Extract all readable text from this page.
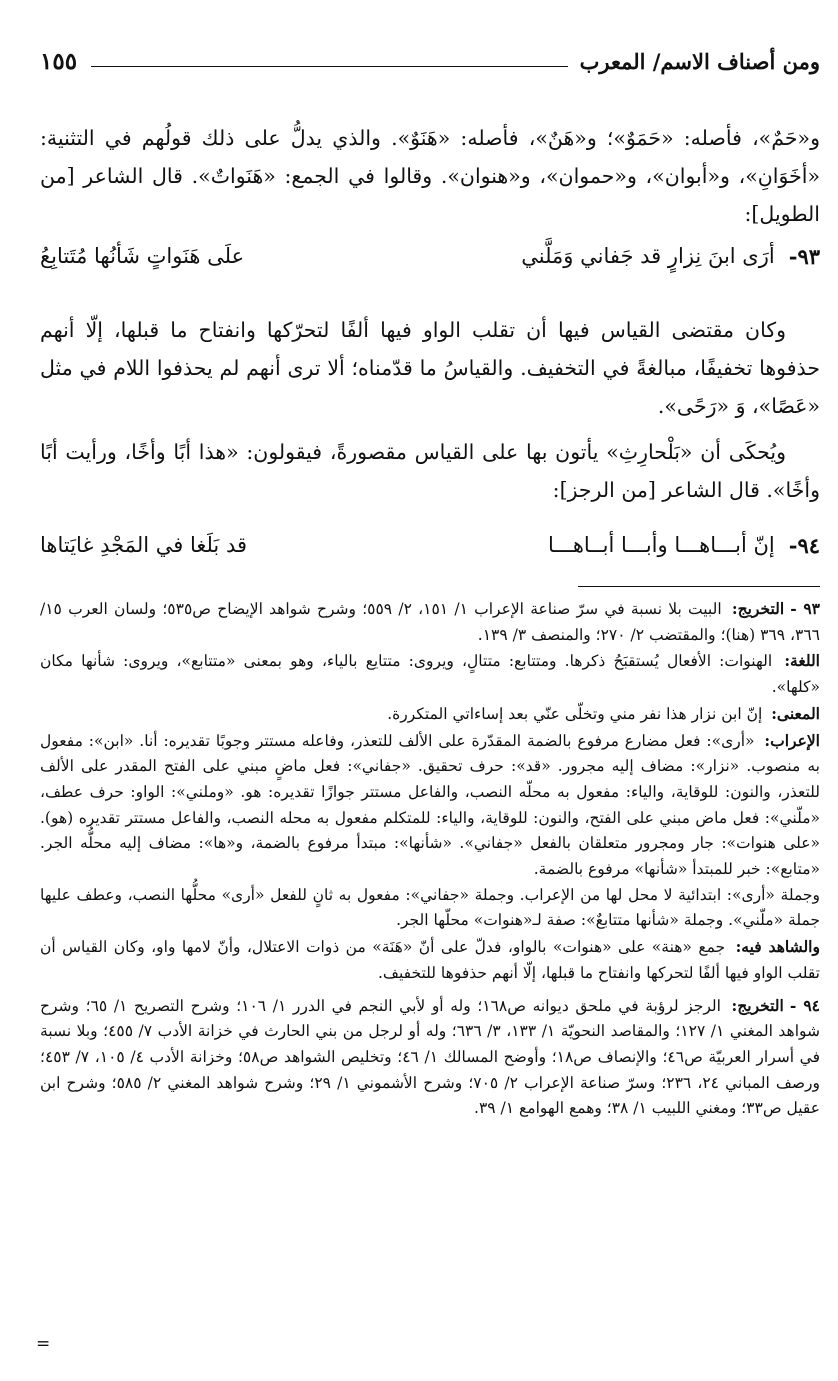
ومن أصناف الاسم/ المعرب
١٥٥

و«حَمٌ»، فأصله: «حَمَوٌ»؛ و«هَنٌ»، فأصله: «هَنَوٌ». والذي يدلُّ على ذلك قولُهم في التثنية: «أخَوَانِ»، و«أبوان»، و«حموان»، و«هنوان». وقالوا في الجمع: «هَنَواتٌ». قال الشاعر [من الطويل]:

٩٣-
أرَى ابنَ نِزارٍ قد جَفاني وَمَلَّني
علَى هَنَواتٍ شَأنُها مُتَتابِعُ

وكان مقتضى القياس فيها أن تقلب الواو فيها ألفًا لتحرّكها وانفتاح ما قبلها، إلّا أنهم حذفوها تخفيفًا، مبالغةً في التخفيف. والقياسُ ما قدّمناه؛ ألا ترى أنهم لم يحذفوا اللام في مثل «عَصًا»، وَ «رَحًى».

ويُحكَى أن «بَلْحارِثِ» يأتون بها على القياس مقصورةً، فيقولون: «هذا أبًا وأخًا، ورأيت أبًا وأخًا». قال الشاعر [من الرجز]:

٩٤-
إنّ أبـــاهـــا وأبـــا أبــاهـــا
قد بَلَغا في المَجْدِ غايَتاها

٩٣ -التخريج: البيت بلا نسبة في سرّ صناعة الإعراب ١/ ١٥١، ٢/ ٥٥٩؛ وشرح شواهد الإيضاح ص٥٣٥؛ ولسان العرب ١٥/ ٣٦٦، ٣٦٩ (هنا)؛ والمقتضب ٢/ ٢٧٠؛ والمنصف ٣/ ١٣٩.

اللغة: الهنوات: الأفعال يُستقبَحُ ذكرها. ومتتابع: متتالٍ، ويروى: متتايع بالياء، وهو بمعنى «متتابع»، ويروى: شأنها مكان «كلها».

المعنى: إنّ ابن نزار هذا نفر مني وتخلّى عنّي بعد إساءاتي المتكررة.

الإعراب: «أرى»: فعل مضارع مرفوع بالضمة المقدّرة على الألف للتعذر، وفاعله مستتر وجوبًا تقديره: أنا. «ابن»: مفعول به منصوب. «نزار»: مضاف إليه مجرور. «قد»: حرف تحقيق. «جفاني»: فعل ماضٍ مبني على الفتح المقدر على الألف للتعذر، والنون: للوقاية، والياء: مفعول به محلّه النصب، والفاعل مستتر جوازًا تقديره: هو. «وملني»: الواو: حرف عطف، «ملّني»: فعل ماض مبني على الفتح، والنون: للوقاية، والياء: للمتكلم مفعول به محله النصب، والفاعل مستتر تقديره (هو). «على هنوات»: جار ومجرور متعلقان بالفعل «جفاني». «شأنها»: مبتدأ مرفوع بالضمة، و«ها»: مضاف إليه محلُّه الجر. «متابع»: خبر للمبتدأ «شأنها» مرفوع بالضمة.

وجملة «أرى»: ابتدائية لا محل لها من الإعراب. وجملة «جفاني»: مفعول به ثانٍ للفعل «أرى» محلُّها النصب، وعطف عليها جملة «ملّني». وجملة «شأنها متتابعٌ»: صفة لـ«هنوات» محلّها الجر.

والشاهد فيه: جمع «هنة» على «هنوات» بالواو، فدلّ على أنّ «هَنَة» من ذوات الاعتلال، وأنّ لامها واو، وكان القياس أن تقلب الواو فيها ألفًا لتحركها وانفتاح ما قبلها، إلّا أنهم حذفوها للتخفيف.

٩٤ -التخريج: الرجز لرؤبة في ملحق ديوانه ص١٦٨؛ وله أو لأبي النجم في الدرر ١/ ١٠٦؛ وشرح التصريح ١/ ٦٥؛ وشرح شواهد المغني ١/ ١٢٧؛ والمقاصد النحويّة ١/ ١٣٣، ٣/ ٦٣٦؛ وله أو لرجل من بني الحارث في خزانة الأدب ٧/ ٤٥٥؛ وبلا نسبة في أسرار العربيّة ص٤٦؛ والإنصاف ص١٨؛ وأوضح المسالك ١/ ٤٦؛ وتخليص الشواهد ص٥٨؛ وخزانة الأدب ٤/ ١٠٥، ٧/ ٤٥٣؛ ورصف المباني ٢٤، ٢٣٦؛ وسرّ صناعة الإعراب ٢/ ٧٠٥؛ وشرح الأشموني ١/ ٢٩؛ وشرح شواهد المغني ٢/ ٥٨٥؛ وشرح ابن عقيل ص٣٣؛ ومغني اللبيب ١/ ٣٨؛ وهمع الهوامع ١/ ٣٩.

=
